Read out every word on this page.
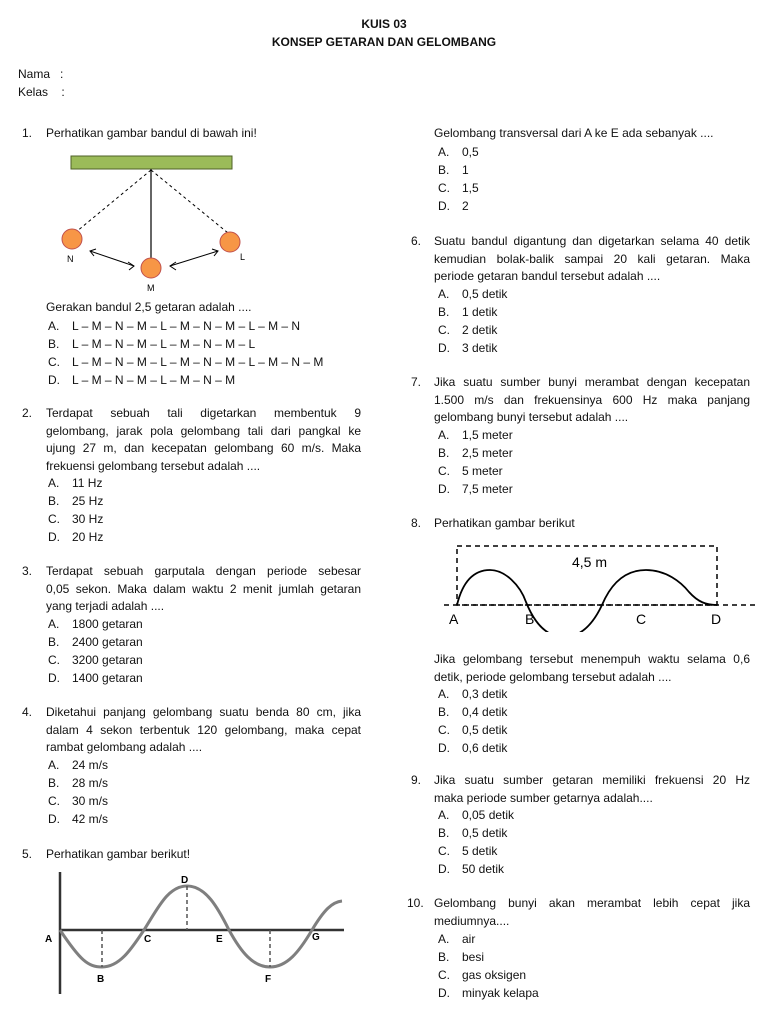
KUIS 03
KONSEP GETARAN DAN GELOMBANG
Nama   :
Kelas    :
1. Perhatikan gambar bandul di bawah ini!
N
M
L
Gerakan bandul 2,5 getaran adalah ....
2.
3.
4.
5. Perhatikan gambar berikut!
A
B
C
D
E
F
G
Gelombang transversal dari A ke E ada sebanyak ....
6.
7.
8. Perhatikan gambar berikut
4,5 m
A	B	C	D
9.
10.
Terdapat sebuah tali digetarkan membentuk 9
gelombang, jarak pola gelombang tali dari pangkal ke
ujung 27 m, dan kecepatan gelombang 60 m/s. Maka
frekuensi gelombang tersebut adalah ....
Terdapat sebuah garputala dengan periode sebesar
0,05 sekon. Maka dalam waktu 2 menit jumlah getaran
yang terjadi adalah ....
Diketahui panjang gelombang suatu benda 80 cm, jika
dalam 4 sekon terbentuk 120 gelombang, maka cepat
rambat gelombang adalah ....
Suatu bandul digantung dan digetarkan selama 40 detik
kemudian bolak-balik sampai 20 kali getaran. Maka
periode getaran bandul tersebut adalah ....
Jika suatu sumber bunyi merambat dengan kecepatan
1.500 m/s dan frekuensinya 600 Hz maka panjang
gelombang bunyi tersebut adalah ....
Jika gelombang tersebut menempuh waktu selama 0,6
detik, periode gelombang tersebut adalah ....
Jika suatu sumber getaran memiliki frekuensi 20 Hz
maka periode sumber getarnya adalah....
Gelombang bunyi akan merambat lebih cepat jika
mediumnya....
A. L – M – N – M – L – M – N – M – L – M – N
B. L – M – N – M – L – M – N – M – L
C. L – M – N – M – L – M – N – M – L – M – N – M
D. L – M – N – M – L – M – N – M
A. 11 Hz
B. 25 Hz
C. 30 Hz
D. 20 Hz
A. 1800 getaran
B. 2400 getaran
C. 3200 getaran
D. 1400 getaran
A. 24 m/s
B. 28 m/s
C. 30 m/s
D. 42 m/s
A. 0,5
B. 1
C. 1,5
D. 2
A. 0,5 detik
B. 1 detik
C. 2 detik
D. 3 detik
A. 1,5 meter
B. 2,5 meter
C. 5 meter
D. 7,5 meter
A. 0,3 detik
B. 0,4 detik
C. 0,5 detik
D. 0,6 detik
A. 0,05 detik
B. 0,5 detik
C. 5 detik
D. 50 detik
A. air
B. besi
C. gas oksigen
D. minyak kelapa
